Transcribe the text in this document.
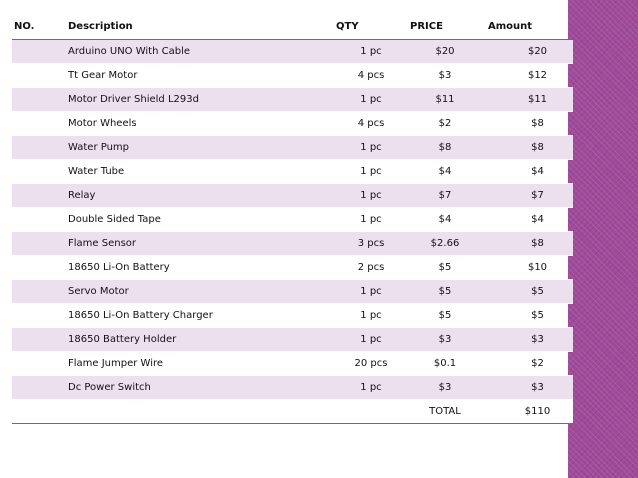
NO.	Description	QTY	PRICE	Amount
	Arduino UNO With Cable	1 pc	$20	$20
	Tt Gear Motor	4 pcs	$3	$12
	Motor Driver Shield L293d	1 pc	$11	$11
	Motor Wheels	4 pcs	$2	$8
	Water Pump	1 pc	$8	$8
	Water Tube	1 pc	$4	$4
	Relay	1 pc	$7	$7
	Double Sided Tape	1 pc	$4	$4
	Flame Sensor	3 pcs	$2.66	$8
	18650 Li-On Battery	2 pcs	$5	$10
	Servo Motor	1 pc	$5	$5
	18650 Li-On Battery Charger	1 pc	$5	$5
	18650 Battery Holder	1 pc	$3	$3
	Flame Jumper Wire	20 pcs	$0.1	$2
	Dc Power Switch	1 pc	$3	$3
			TOTAL	$110
